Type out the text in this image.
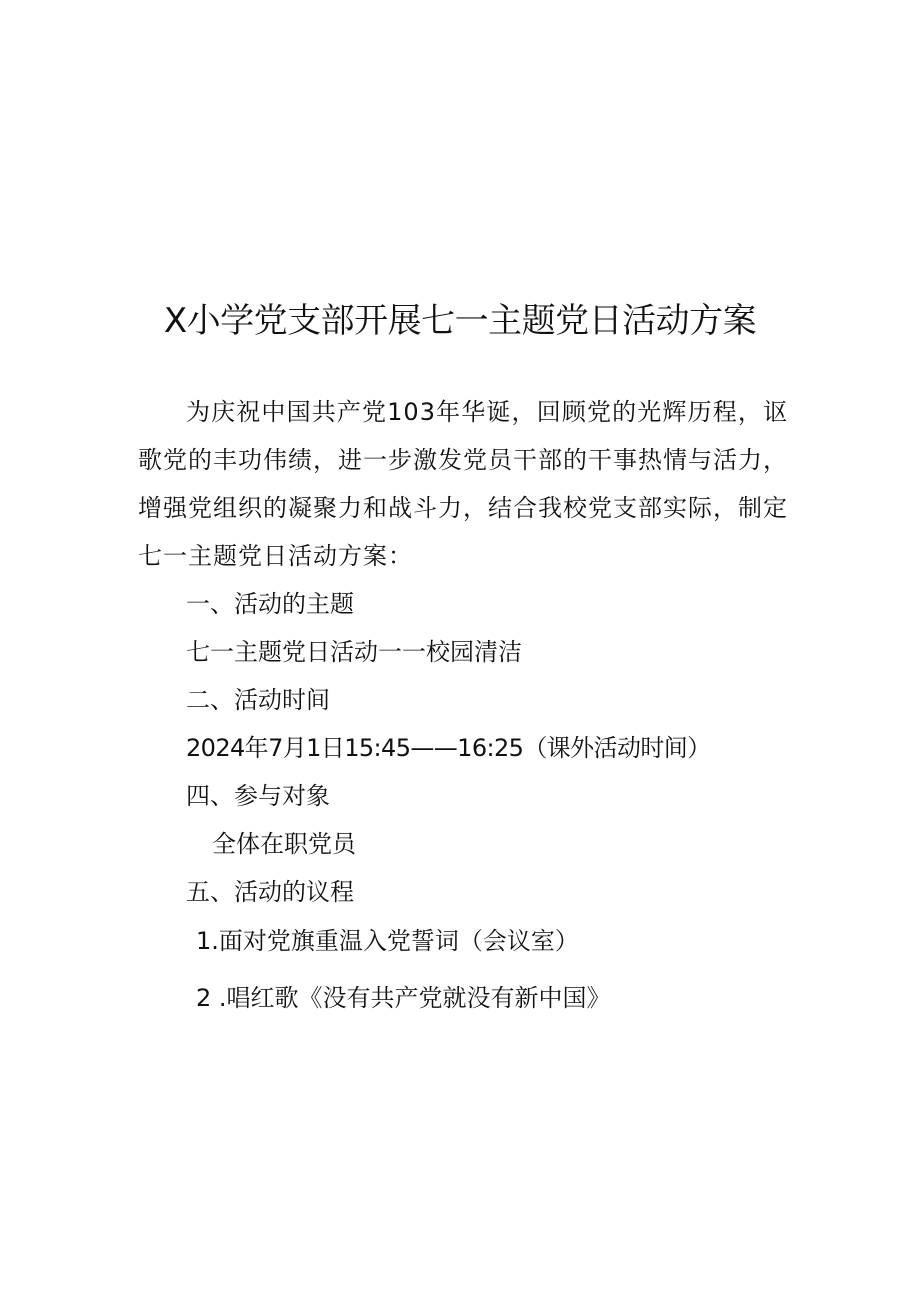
X小学党支部开展七一主题党日活动方案
为庆祝中国共产党103年华诞，回顾党的光辉历程，讴歌党的丰功伟绩，进一步激发党员干部的干事热情与活力，增强党组织的凝聚力和战斗力，结合我校党支部实际，制定七一主题党日活动方案：
一、活动的主题
七一主题党日活动一一校园清洁
二、活动时间
2024年7月1日15:45——16:25（课外活动时间）
四、参与对象
全体在职党员
五、活动的议程
1.面对党旗重温入党誓词（会议室）
2 .唱红歌《没有共产党就没有新中国》
